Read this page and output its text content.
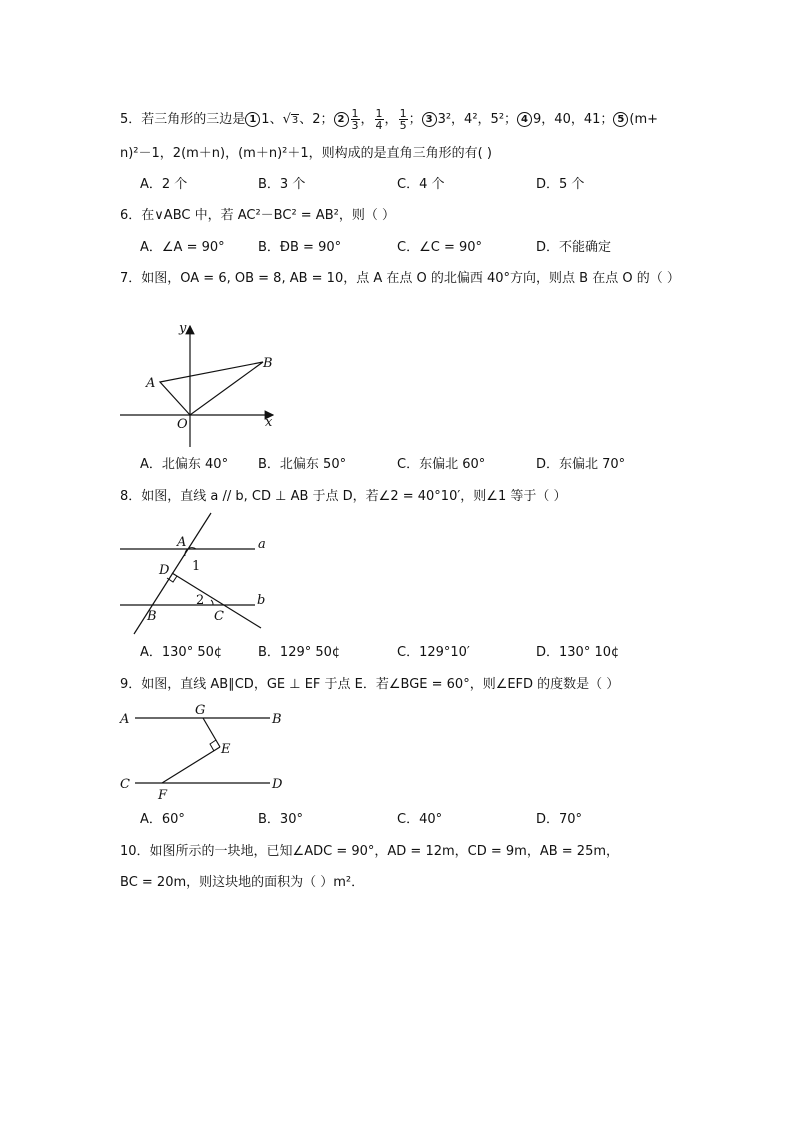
5．若三角形的三边是 1 1、√3、2； $2 \frac{1}{3}$ ， $\frac{1}{4}$ ， $\frac{1}{5}$ ； 3 3²，4²，5²； 4 9，40，41； 5 (m+
n)²－1，2(m＋n)，(m＋n)²＋1，则构成的是直角三角形的有( )
A．2 个	B．3 个	C．4 个	D．5 个
6．在∨ABC 中，若 AC²－BC² = AB²，则（ ）
A．∠A = 90°	B．ÐB = 90°	C．∠C = 90°	D．不能确定
7．如图，OA = 6, OB = 8, AB = 10，点 A 在点 O 的北偏西 40°方向，则点 B 在点 O 的（ ）
y
x
A
B
O
A．北偏东 40° B．北偏东 50°	C．东偏北 60°	D．东偏北 70°
8．如图，直线 a // b, CD ⊥ AB 于点 D，若∠2 = 40°10′，则∠1 等于（ ）
A	a
D 1
2	b
B	C
A．130° 50¢	B．129° 50¢	C．129°10′	D．130° 10¢
9．如图，直线 AB∥CD，GE ⊥ EF 于点 E．若∠BGE = 60°，则∠EFD 的度数是（ ）
A
G
B
E
C
F
D
A．60°	B．30°	C．40°	D．70°
10．如图所示的一块地，已知∠ADC = 90°，AD = 12m，CD = 9m，AB = 25m，
BC = 20m，则这块地的面积为（ ）m²．
